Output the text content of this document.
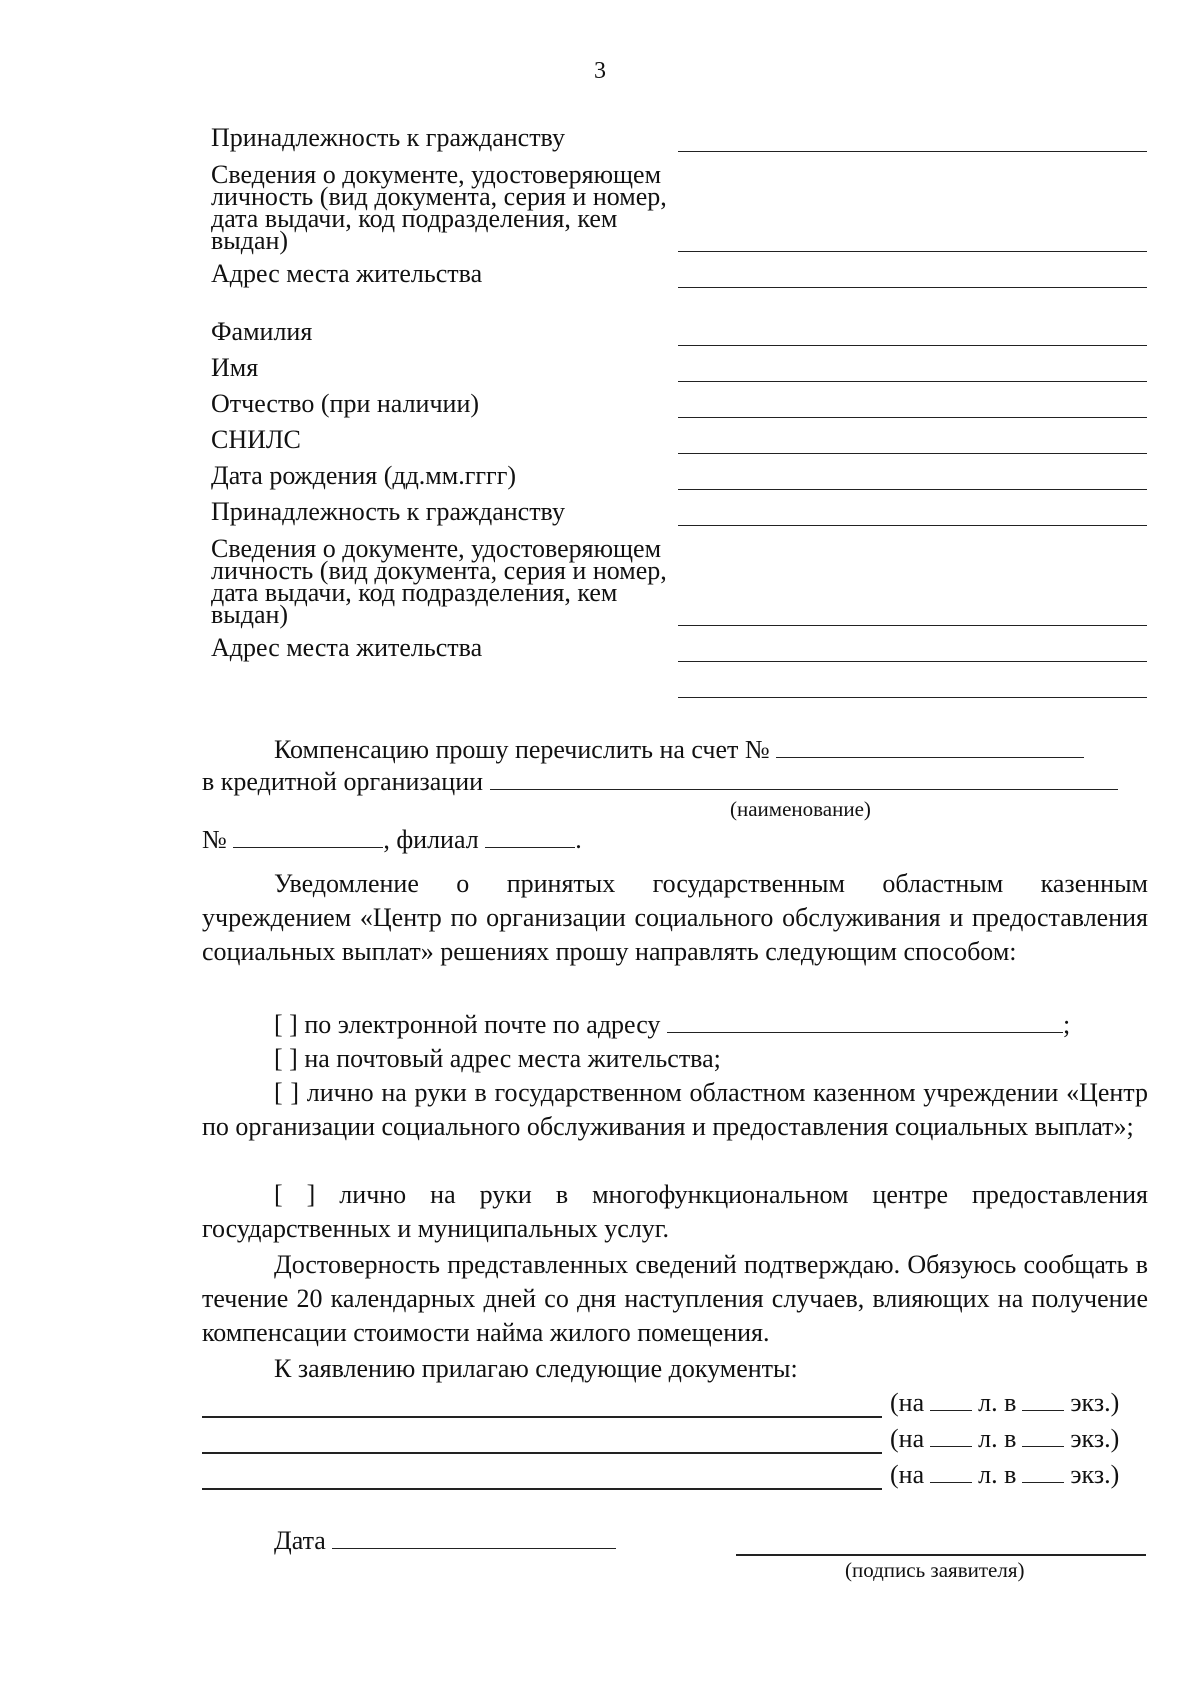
3
Принадлежность к гражданству
Сведения о документе, удостоверяющем личность (вид документа, серия и номер, дата выдачи, код подразделения, кем выдан)
Адрес места жительства
Фамилия
Имя
Отчество (при наличии)
СНИЛС
Дата рождения (дд.мм.гггг)
Принадлежность к гражданству
Сведения о документе, удостоверяющем личность (вид документа, серия и номер, дата выдачи, код подразделения, кем выдан)
Адрес места жительства
Компенсацию прошу перечислить на счет №
в кредитной организации
(наименование)
№	, филиал	.
Уведомление о принятых государственным областным казенным учреждением «Центр по организации социального обслуживания и предоставления социальных выплат» решениях прошу направлять следующим способом:
[ ] по электронной почте по адресу	;
[ ] на почтовый адрес места жительства;
[ ] лично на руки в государственном областном казенном учреждении «Центр по организации социального обслуживания и предоставления социальных выплат»;
[ ] лично на руки в многофункциональном центре предоставления государственных и муниципальных услуг.
Достоверность представленных сведений подтверждаю. Обязуюсь сообщать в течение 20 календарных дней со дня наступления случаев, влияющих на получение компенсации стоимости найма жилого помещения.
К заявлению прилагаю следующие документы:
(на л. в экз.)
(на л. в экз.)
(на л. в экз.)
Дата
(подпись заявителя)
